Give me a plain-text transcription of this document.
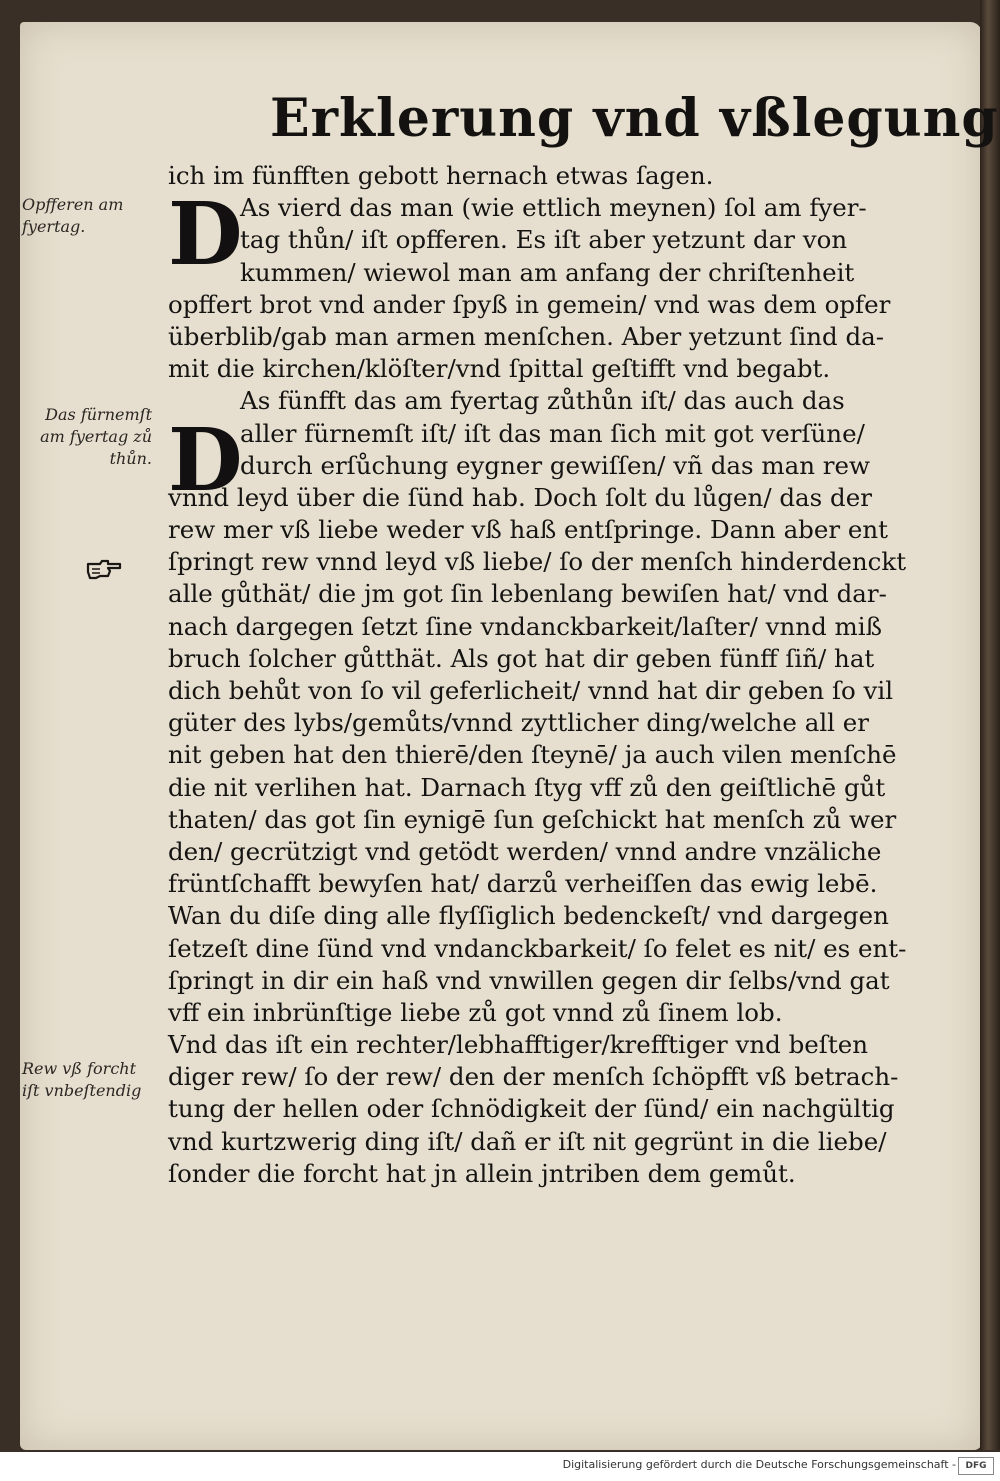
Erklerung vnd vßlegung
D
D
ich im fünfften gebott hernach etwas ſagen.
As vierd das man (wie ettlich meynen) ſol am fyer-
tag thůn/ iſt opfferen. Es iſt aber yetzunt dar von
kummen/ wiewol man am anfang der chriſtenheit
opffert brot vnd ander ſpyß in gemein/ vnd was dem opfer
überblib/gab man armen menſchen. Aber yetzunt ſind da-
mit die kirchen/klöſter/vnd ſpittal geſtifft vnd begabt.
As fünfft das am fyertag zůthůn iſt/ das auch das
aller fürnemſt iſt/ iſt das man ſich mit got verſüne/
durch erſůchung eygner gewiſſen/ vñ das man rew
vnnd leyd über die ſünd hab. Doch ſolt du lůgen/ das der
rew mer vß liebe weder vß haß entſpringe. Dann aber ent
ſpringt rew vnnd leyd vß liebe/ ſo der menſch hinderdenckt
alle gůthät/ die jm got ſin lebenlang bewiſen hat/ vnd dar-
nach dargegen ſetzt ſine vndanckbarkeit/laſter/ vnnd miß
bruch ſolcher gůtthät. Als got hat dir geben fünff ſiñ/ hat
dich behůt von ſo vil geferlicheit/ vnnd hat dir geben ſo vil
güter des lybs/gemůts/vnnd zyttlicher ding/welche all er
nit geben hat den thierē/den ſteynē/ ja auch vilen menſchē
die nit verlihen hat. Darnach ſtyg vff zů den geiſtlichē gůt
thaten/ das got ſin eynigē ſun geſchickt hat menſch zů wer
den/ gecrützigt vnd getödt werden/ vnnd andre vnzäliche
früntſchafft bewyſen hat/ darzů verheiſſen das ewig lebē.
Wan du diſe ding alle flyſſiglich bedenckeſt/ vnd dargegen
ſetzeſt dine ſünd vnd vndanckbarkeit/ ſo felet es nit/ es ent-
ſpringt in dir ein haß vnd vnwillen gegen dir ſelbs/vnd gat
vff ein inbrünſtige liebe zů got vnnd zů ſinem lob.
Vnd das iſt ein rechter/lebhafftiger/krefftiger vnd beſten
diger rew/ ſo der rew/ den der menſch ſchöpfft vß betrach-
tung der hellen oder ſchnödigkeit der ſünd/ ein nachgültig
vnd kurtzwerig ding iſt/ dañ er iſt nit gegrünt in die liebe/
ſonder die forcht hat jn allein jntriben dem gemůt.
Opfferen am
fyertag.
Das fürnemſt
am fyertag zů
thůn.
Rew vß forcht
iſt vnbeſtendig
Digitalisierung gefördert durch die Deutsche Forschungsgemeinschaft -	DFG
